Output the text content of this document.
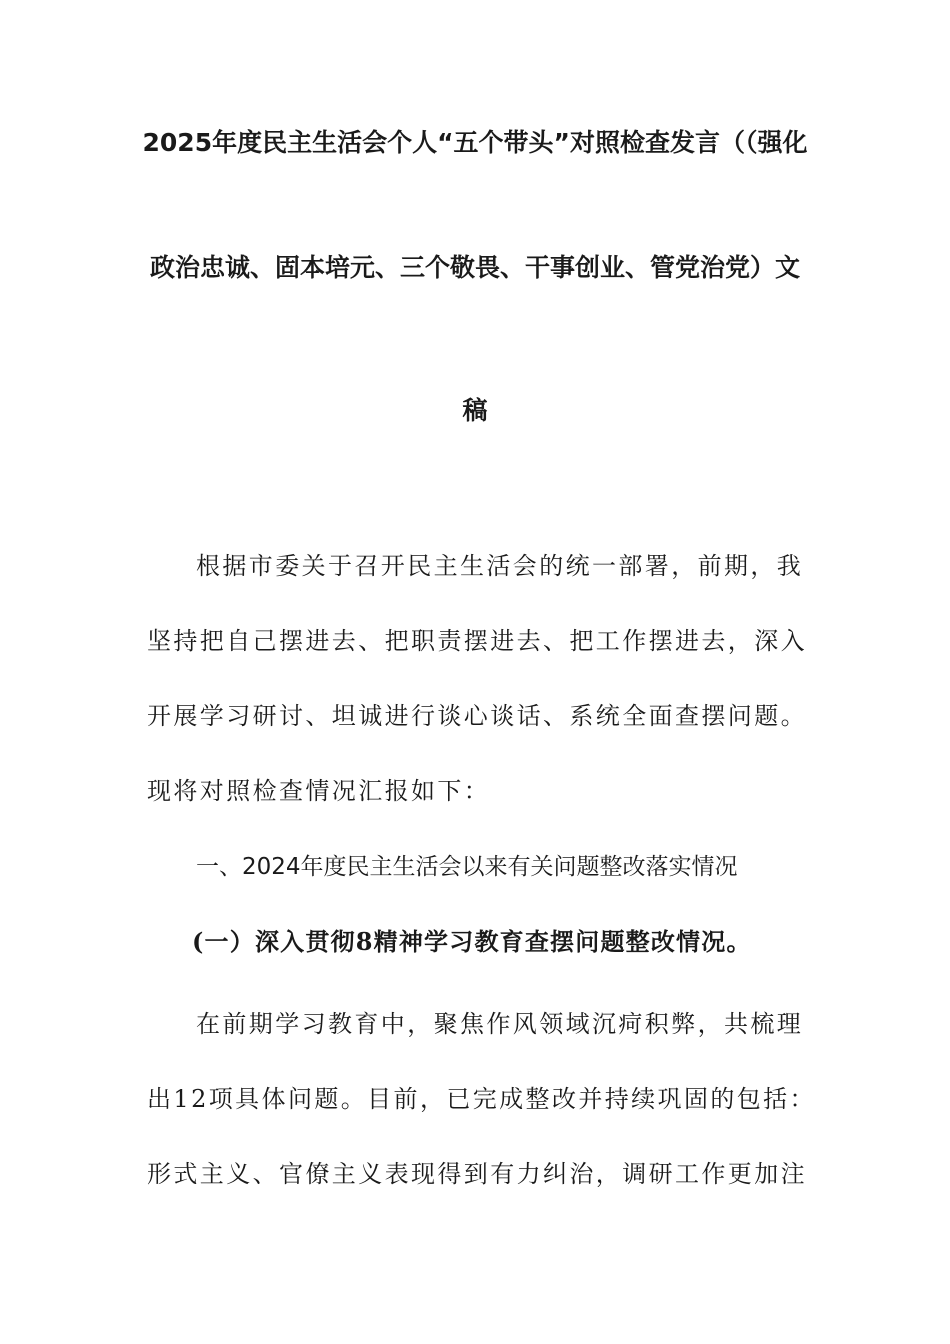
2025年度民主生活会个人“五个带头”对照检查发言（（强化
政治忠诚、固本培元、三个敬畏、干事创业、管党治党）文
稿
根据市委关于召开民主生活会的统一部署，前期，我
坚持把自己摆进去、把职责摆进去、把工作摆进去，深入
开展学习研讨、坦诚进行谈心谈话、系统全面查摆问题。
现将对照检查情况汇报如下：
一、2024年度民主生活会以来有关问题整改落实情况
(一）深入贯彻8精神学习教育查摆问题整改情况。
在前期学习教育中，聚焦作风领域沉疴积弊，共梳理
出12项具体问题。目前，已完成整改并持续巩固的包括：
形式主义、官僚主义表现得到有力纠治，调研工作更加注
